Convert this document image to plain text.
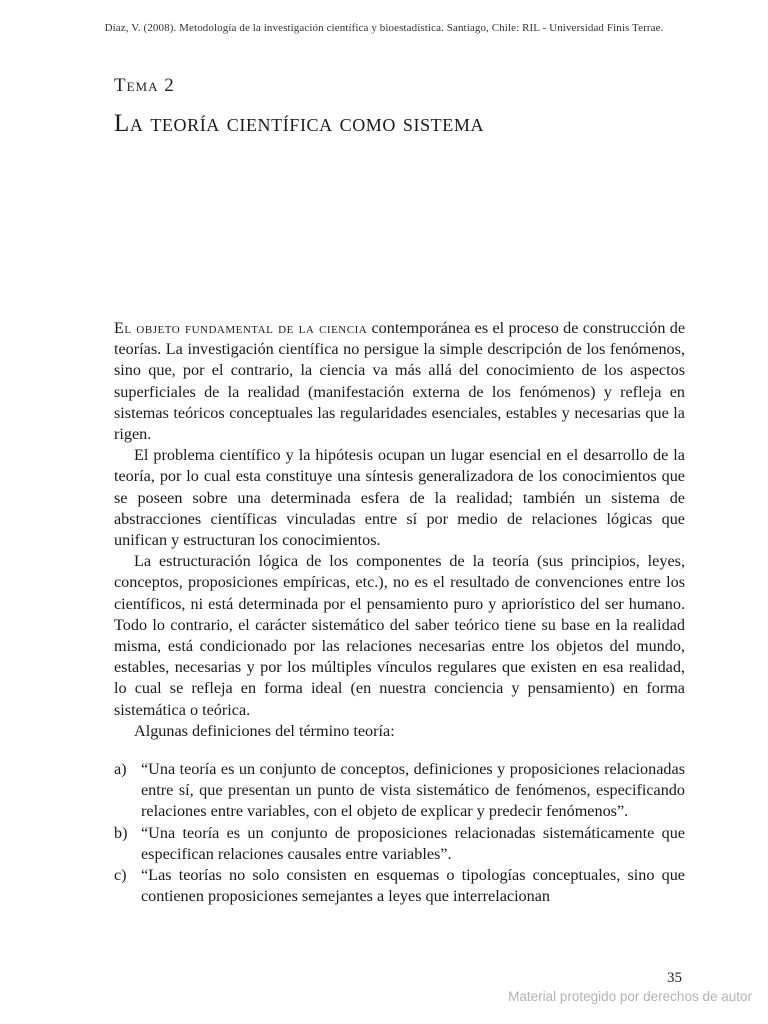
Díaz, V. (2008). Metodología de la investigación científica y bioestadística. Santiago, Chile: RIL - Universidad Finis Terrae.
Tema 2
La teoría científica como sistema

El objeto fundamental de la ciencia contemporánea es el proceso de construcción de teorías. La investigación científica no persigue la simple descripción de los fenómenos, sino que, por el contrario, la ciencia va más allá del conocimiento de los aspectos superficiales de la realidad (manifestación externa de los fenómenos) y refleja en sistemas teóricos conceptuales las regularidades esenciales, estables y necesarias que la rigen.

El problema científico y la hipótesis ocupan un lugar esencial en el desarrollo de la teoría, por lo cual esta constituye una síntesis generalizadora de los conocimientos que se poseen sobre una determinada esfera de la realidad; también un sistema de abstracciones científicas vinculadas entre sí por medio de relaciones lógicas que unifican y estructuran los conocimientos.

La estructuración lógica de los componentes de la teoría (sus principios, leyes, conceptos, proposiciones empíricas, etc.), no es el resultado de convenciones entre los científicos, ni está determinada por el pensamiento puro y apriorístico del ser humano. Todo lo contrario, el carácter sistemático del saber teórico tiene su base en la realidad misma, está condicionado por las relaciones necesarias entre los objetos del mundo, estables, necesarias y por los múltiples vínculos regulares que existen en esa realidad, lo cual se refleja en forma ideal (en nuestra conciencia y pensamiento) en forma sistemática o teórica.

Algunas definiciones del término teoría:

a) “Una teoría es un conjunto de conceptos, definiciones y proposiciones relacionadas entre sí, que presentan un punto de vista sistemático de fenómenos, especificando relaciones entre variables, con el objeto de explicar y predecir fenómenos”.
b) “Una teoría es un conjunto de proposiciones relacionadas sistemáticamente que especifican relaciones causales entre variables”.
c) “Las teorías no solo consisten en esquemas o tipologías conceptuales, sino que contienen proposiciones semejantes a leyes que interrelacionan
35
Material protegido por derechos de autor
